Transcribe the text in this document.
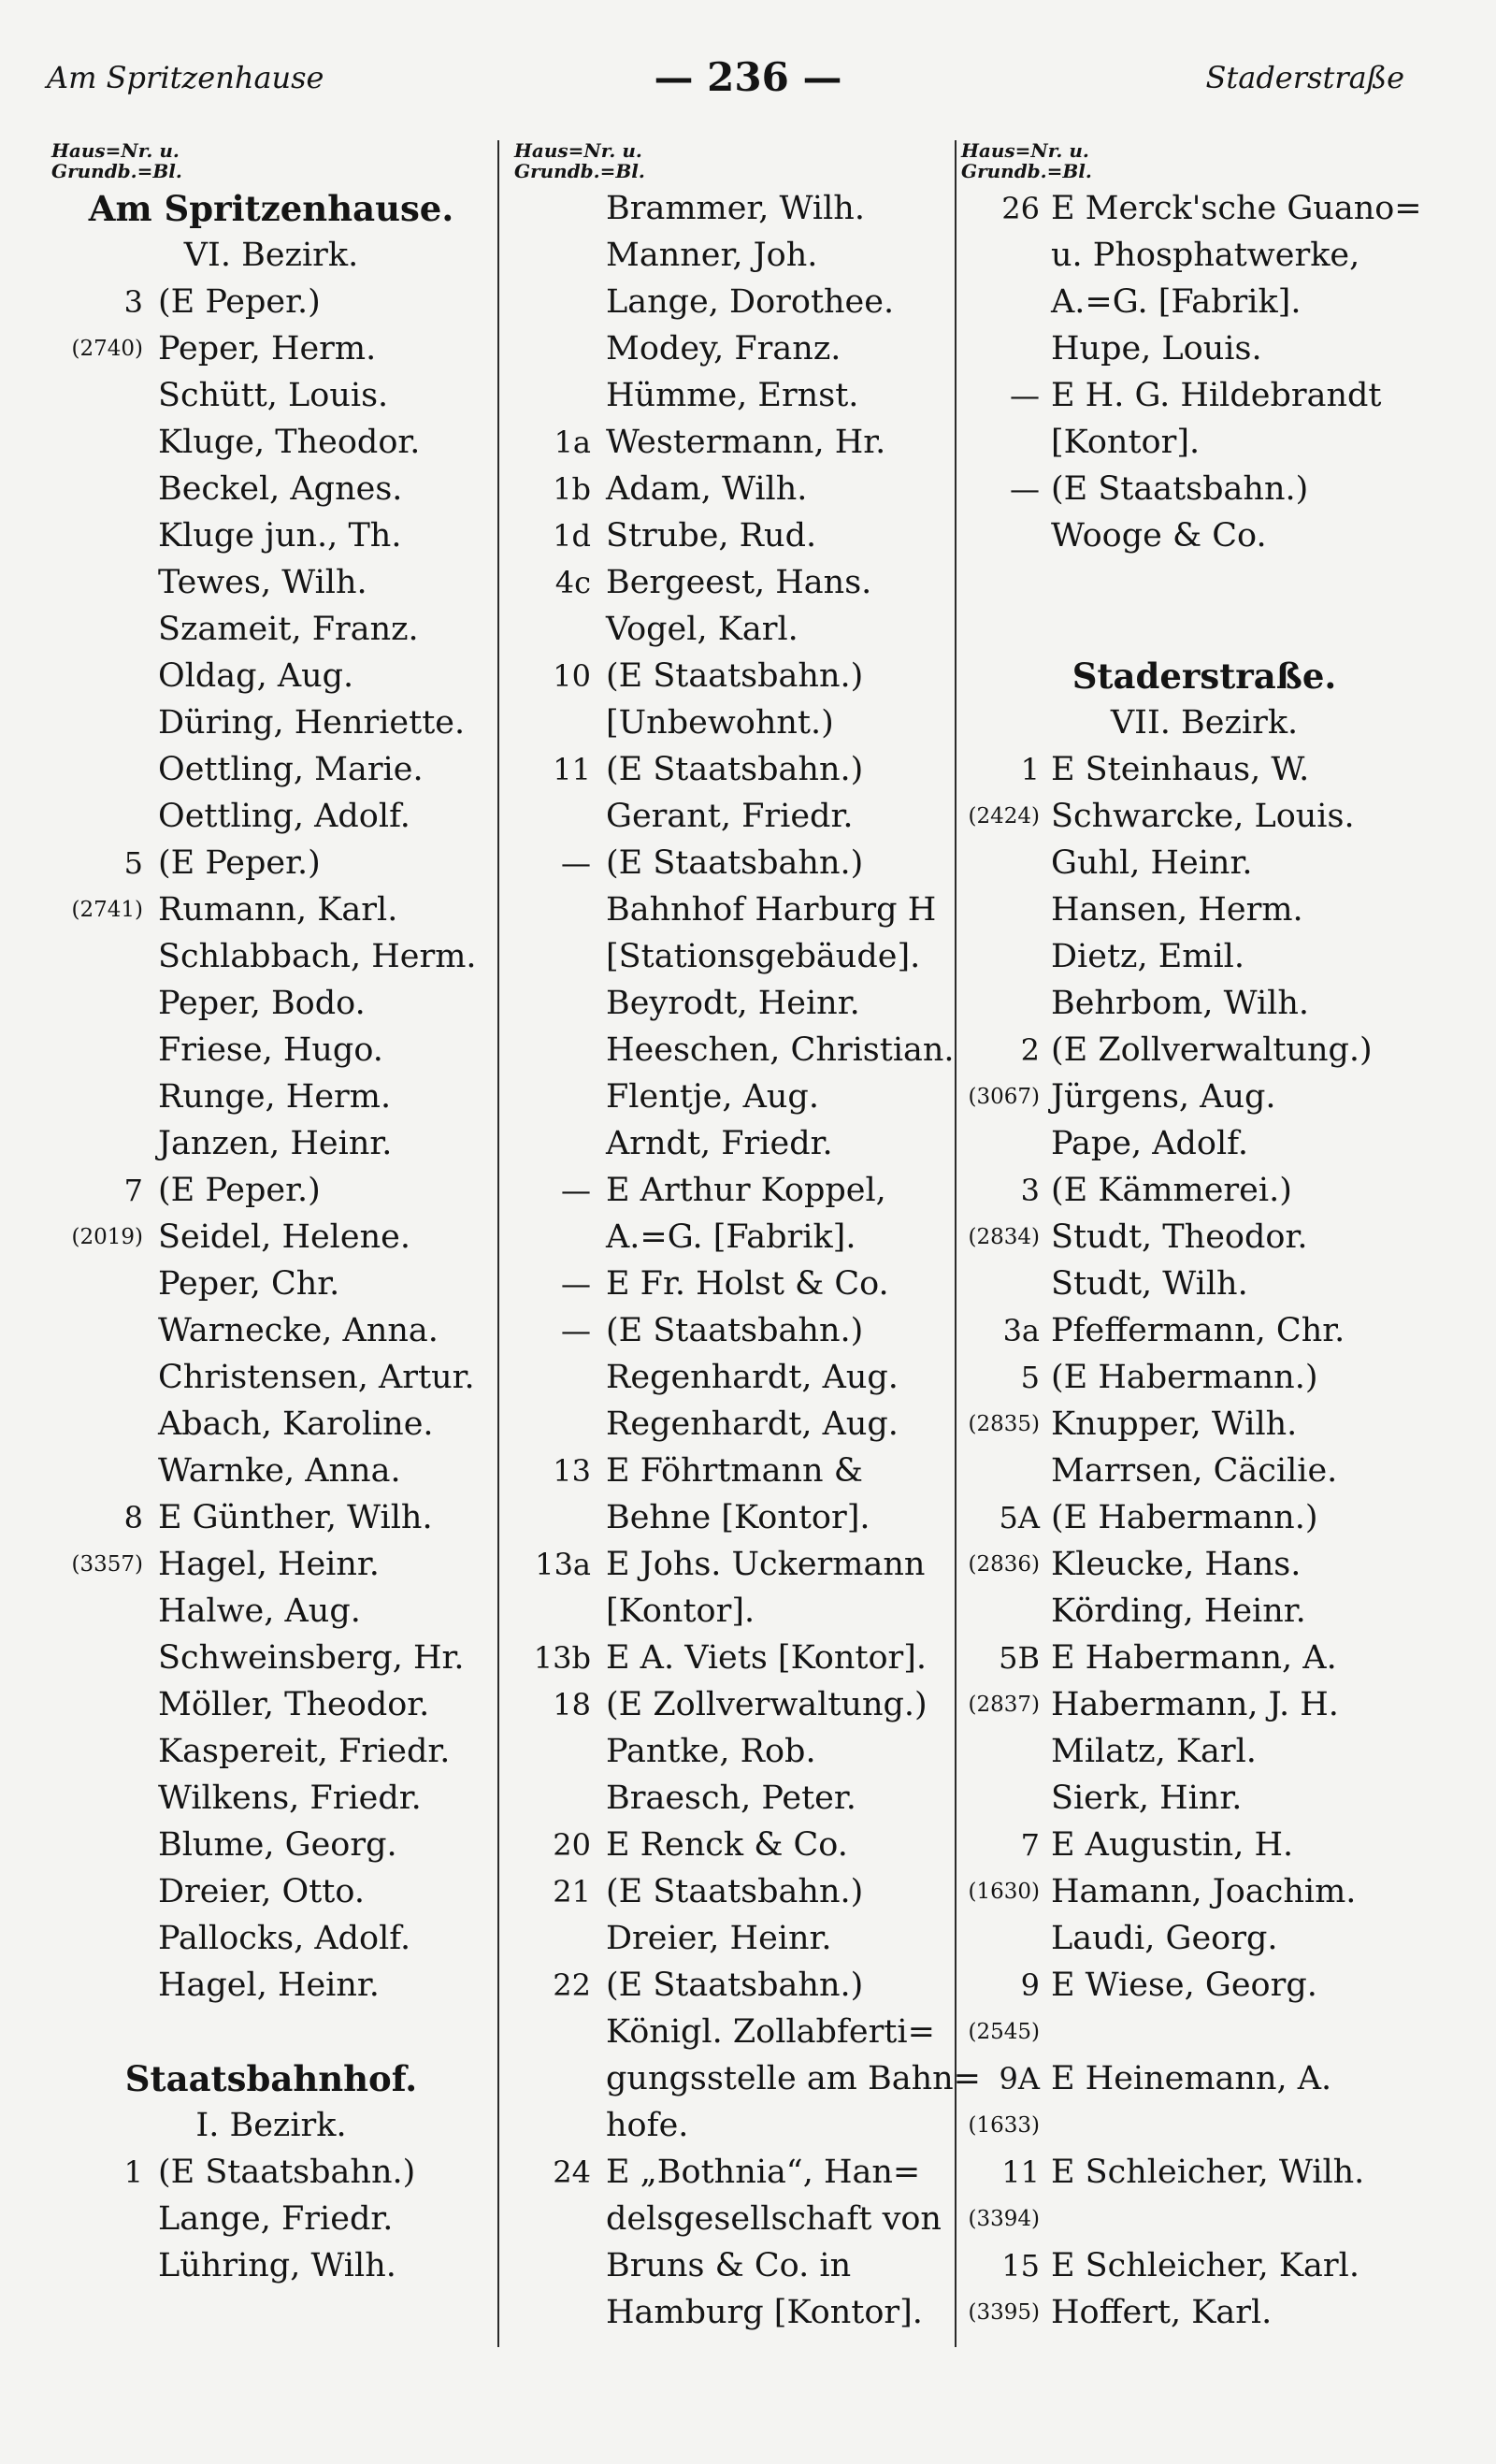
Am Spritzenhause	— 236 —	Staderstraße
Haus=Nr. u.
Grundb.=Bl.
Am Spritzenhause.
VI. Bezirk.
3 (E Peper.)
(2740) Peper, Herm.
Schütt, Louis.
Kluge, Theodor.
Beckel, Agnes.
Kluge jun., Th.
Tewes, Wilh.
Szameit, Franz.
Oldag, Aug.
Düring, Henriette.
Oettling, Marie.
Oettling, Adolf.
5 (E Peper.)
(2741) Rumann, Karl.
Schlabbach, Herm.
Peper, Bodo.
Friese, Hugo.
Runge, Herm.
Janzen, Heinr.
7 (E Peper.)
(2019) Seidel, Helene.
Peper, Chr.
Warnecke, Anna.
Christensen, Artur.
Abach, Karoline.
Warnke, Anna.
8 E Günther, Wilh.
(3357) Hagel, Heinr.
Halwe, Aug.
Schweinsberg, Hr.
Möller, Theodor.
Kaspereit, Friedr.
Wilkens, Friedr.
Blume, Georg.
Dreier, Otto.
Pallocks, Adolf.
Hagel, Heinr.
Staatsbahnhof.
I. Bezirk.
1 (E Staatsbahn.)
Lange, Friedr.
Lühring, Wilh.
Haus=Nr. u.
Grundb.=Bl.
Brammer, Wilh.
Manner, Joh.
Lange, Dorothee.
Modey, Franz.
Hümme, Ernst.
1a Westermann, Hr.
1b Adam, Wilh.
1d Strube, Rud.
4c Bergeest, Hans.
Vogel, Karl.
10 (E Staatsbahn.)
[Unbewohnt.)
11 (E Staatsbahn.)
Gerant, Friedr.
— (E Staatsbahn.)
Bahnhof Harburg H
[Stationsgebäude].
Beyrodt, Heinr.
Heeschen, Christian.
Flentje, Aug.
Arndt, Friedr.
— E Arthur Koppel,
A.=G. [Fabrik].
— E Fr. Holst & Co.
— (E Staatsbahn.)
Regenhardt, Aug.
Regenhardt, Aug.
13 E Föhrtmann &
Behne [Kontor].
13a E Johs. Uckermann
[Kontor].
13b E A. Viets [Kontor].
18 (E Zollverwaltung.)
Pantke, Rob.
Braesch, Peter.
20 E Renck & Co.
21 (E Staatsbahn.)
Dreier, Heinr.
22 (E Staatsbahn.)
Königl. Zollabferti=
gungsstelle am Bahn=
hofe.
24 E „Bothnia“, Han=
delsgesellschaft von
Bruns & Co. in
Hamburg [Kontor].
Haus=Nr. u.
Grundb.=Bl.
26 E Merck'sche Guano=
u. Phosphatwerke,
A.=G. [Fabrik].
Hupe, Louis.
— E H. G. Hildebrandt
[Kontor].
— (E Staatsbahn.)
Wooge & Co.
Staderstraße.
VII. Bezirk.
1 E Steinhaus, W.
(2424) Schwarcke, Louis.
Guhl, Heinr.
Hansen, Herm.
Dietz, Emil.
Behrbom, Wilh.
2 (E Zollverwaltung.)
(3067) Jürgens, Aug.
Pape, Adolf.
3 (E Kämmerei.)
(2834) Studt, Theodor.
Studt, Wilh.
3a Pfeffermann, Chr.
5 (E Habermann.)
(2835) Knupper, Wilh.
Marrsen, Cäcilie.
5A (E Habermann.)
(2836) Kleucke, Hans.
Körding, Heinr.
5B E Habermann, A.
(2837) Habermann, J. H.
Milatz, Karl.
Sierk, Hinr.
7 E Augustin, H.
(1630) Hamann, Joachim.
Laudi, Georg.
9 E Wiese, Georg.
(2545)
9A E Heinemann, A.
(1633)
11 E Schleicher, Wilh.
(3394)
15 E Schleicher, Karl.
(3395) Hoffert, Karl.
